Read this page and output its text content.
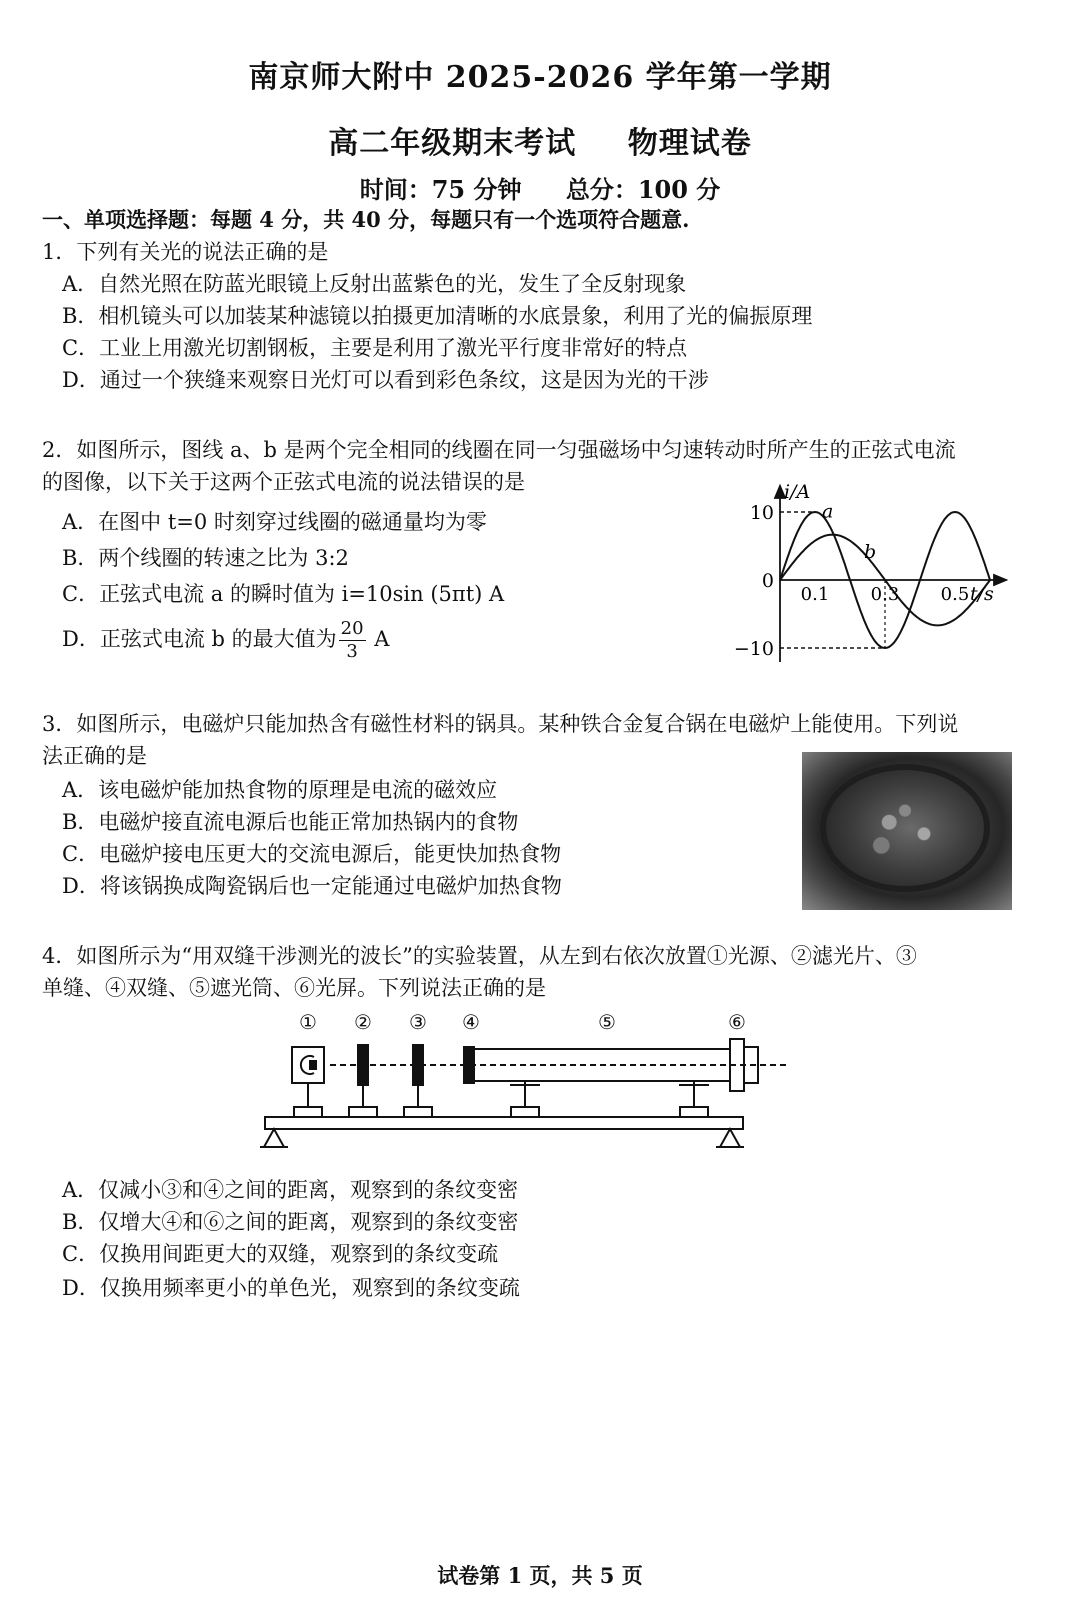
南京师大附中 2025-2026 学年第一学期
高二年级期末考试 物理试卷
时间：75 分钟 总分：100 分
一、单项选择题：每题 4 分，共 40 分，每题只有一个选项符合题意.
1．下列有关光的说法正确的是
A．自然光照在防蓝光眼镜上反射出蓝紫色的光，发生了全反射现象
B．相机镜头可以加装某种滤镜以拍摄更加清晰的水底景象，利用了光的偏振原理
C．工业上用激光切割钢板，主要是利用了激光平行度非常好的特点
D．通过一个狭缝来观察日光灯可以看到彩色条纹，这是因为光的干涉
2．如图所示，图线 a、b 是两个完全相同的线圈在同一匀强磁场中匀速转动时所产生的正弦式电流
的图像，以下关于这两个正弦式电流的说法错误的是
A．在图中 t=0 时刻穿过线圈的磁通量均为零
B．两个线圈的转速之比为 3:2
C．正弦式电流 a 的瞬时值为 i=10sin (5πt) A
D．正弦式电流 b 的最大值为 $\frac{20}{3}$ A
i/A
t/s
10
0
−10
0.1 0.3 0.5
a
b
3．如图所示，电磁炉只能加热含有磁性材料的锅具。某种铁合金复合锅在电磁炉上能使用。下列说
法正确的是
A．该电磁炉能加热食物的原理是电流的磁效应
B．电磁炉接直流电源后也能正常加热锅内的食物
C．电磁炉接电压更大的交流电源后，能更快加热食物
D．将该锅换成陶瓷锅后也一定能通过电磁炉加热食物
4．如图所示为“用双缝干涉测光的波长”的实验装置，从左到右依次放置①光源、②滤光片、③
单缝、④双缝、⑤遮光筒、⑥光屏。下列说法正确的是
① ② ③ ④	⑤	⑥
A．仅减小③和④之间的距离，观察到的条纹变密
B．仅增大④和⑥之间的距离，观察到的条纹变密
C．仅换用间距更大的双缝，观察到的条纹变疏
D．仅换用频率更小的单色光，观察到的条纹变疏
试卷第 1 页，共 5 页
